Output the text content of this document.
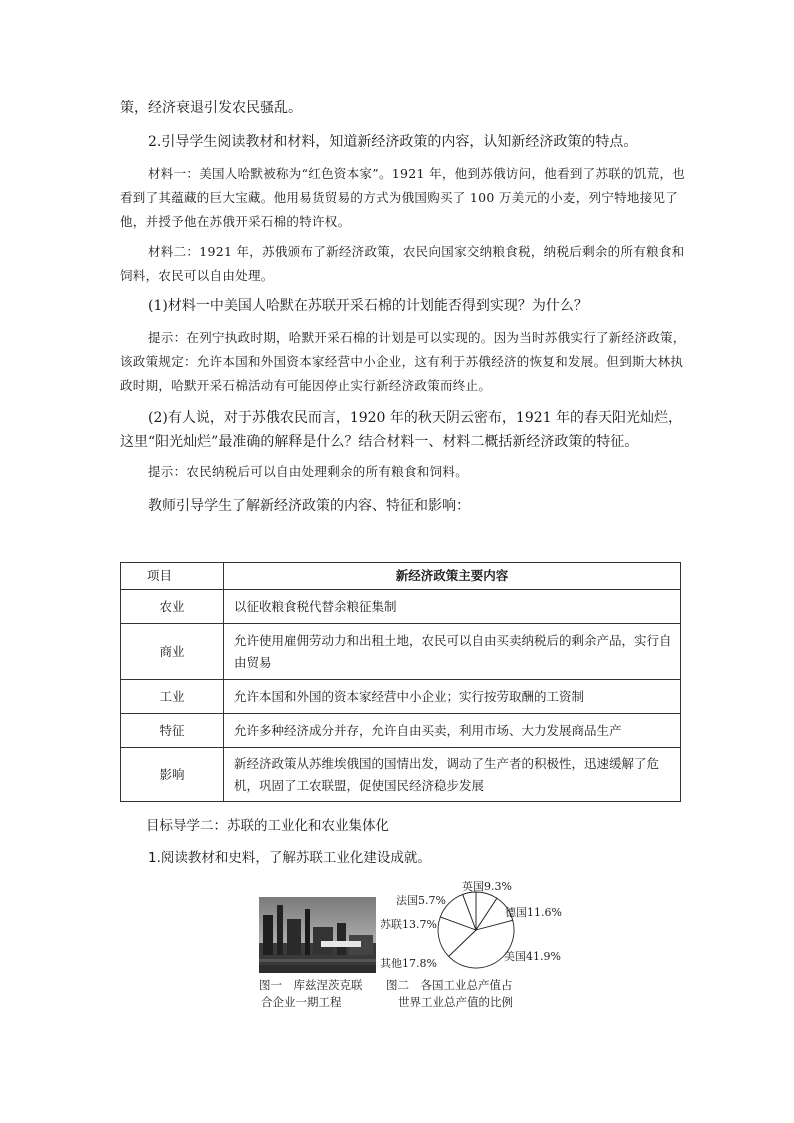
策，经济衰退引发农民骚乱。

2.引导学生阅读教材和材料，知道新经济政策的内容，认知新经济政策的特点。

材料一：美国人哈默被称为“红色资本家”。1921 年，他到苏俄访问，他看到了苏联的饥荒，也看到了其蕴藏的巨大宝藏。他用易货贸易的方式为俄国购买了 100 万美元的小麦，列宁特地接见了他，并授予他在苏俄开采石棉的特许权。

材料二：1921 年，苏俄颁布了新经济政策，农民向国家交纳粮食税，纳税后剩余的所有粮食和饲料，农民可以自由处理。

(1)材料一中美国人哈默在苏联开采石棉的计划能否得到实现？为什么？

提示：在列宁执政时期，哈默开采石棉的计划是可以实现的。因为当时苏俄实行了新经济政策，该政策规定：允许本国和外国资本家经营中小企业，这有利于苏俄经济的恢复和发展。但到斯大林执政时期，哈默开采石棉活动有可能因停止实行新经济政策而终止。

(2)有人说，对于苏俄农民而言，1920 年的秋天阴云密布，1921 年的春天阳光灿烂，这里“阳光灿烂”最准确的解释是什么？结合材料一、材料二概括新经济政策的特征。

提示：农民纳税后可以自由处理剩余的所有粮食和饲料。

教师引导学生了解新经济政策的内容、特征和影响：

项目	新经济政策主要内容
农业	以征收粮食税代替余粮征集制
商业	允许使用雇佣劳动力和出租土地，农民可以自由买卖纳税后的剩余产品，实行自由贸易
工业	允许本国和外国的资本家经营中小企业；实行按劳取酬的工资制
特征	允许多种经济成分并存，允许自由买卖，利用市场、大力发展商品生产
影响	新经济政策从苏维埃俄国的国情出发，调动了生产者的积极性，迅速缓解了危机，巩固了工农联盟，促使国民经济稳步发展

目标导学二：苏联的工业化和农业集体化

1.阅读教材和史料，了解苏联工业化建设成就。

图一　库兹涅茨克联
合企业一期工程
英国9.3%
德国11.6%
美国41.9%
其他17.8%
苏联13.7%
法国5.7%
图二　各国工业总产值占
世界工业总产值的比例
